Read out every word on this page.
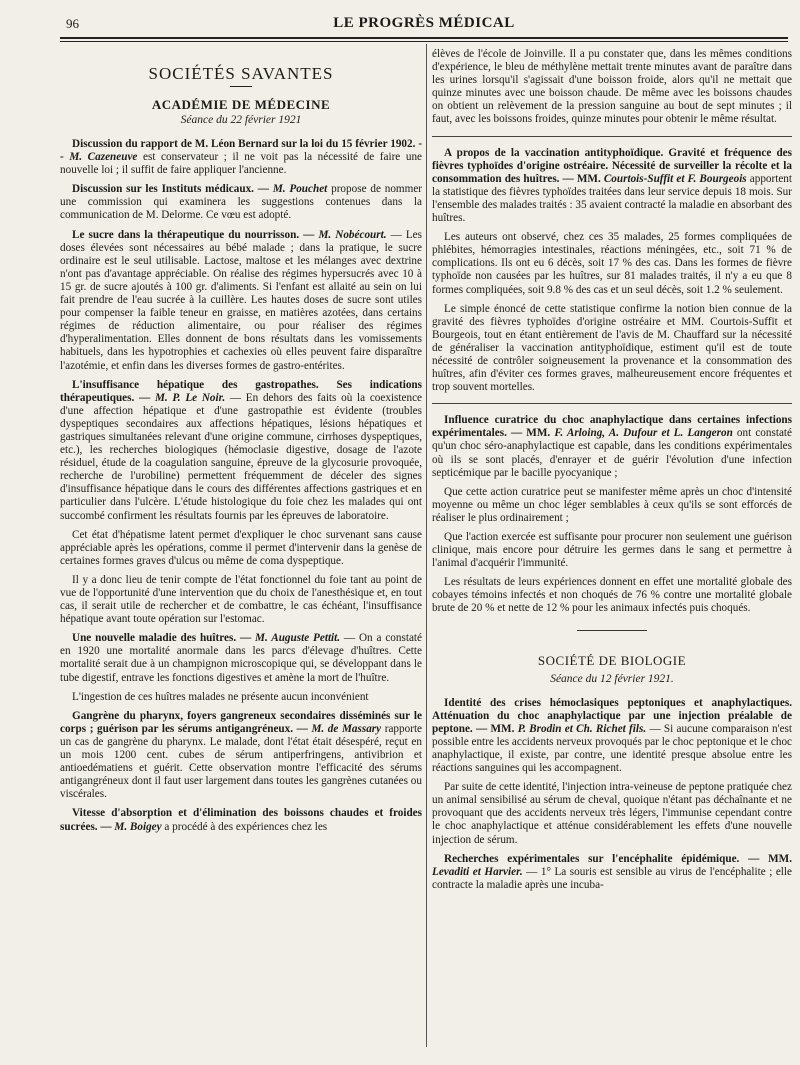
96	LE PROGRÈS MÉDICAL
SOCIÉTÉS SAVANTES
ACADÉMIE DE MÉDECINE
Séance du 22 février 1921

Discussion du rapport de M. Léon Bernard sur la loi du 15 février 1902. -- M. Cazeneuve est conservateur ; il ne voit pas la nécessité de faire une nouvelle loi ; il suffit de faire appliquer l'ancienne.

Discussion sur les Instituts médicaux. — M. Pouchet propose de nommer une commission qui examinera les suggestions contenues dans la communication de M. Delorme. Ce vœu est adopté.

Le sucre dans la thérapeutique du nourrisson. — M. Nobécourt. — Les doses élevées sont nécessaires au bébé malade ; dans la pratique, le sucre ordinaire est le seul utilisable. Lactose, maltose et les mélanges avec dextrine n'ont pas d'avantage appréciable. On réalise des régimes hypersucrés avec 10 à 15 gr. de sucre ajoutés à 100 gr. d'aliments. Si l'enfant est allaité au sein on lui fait prendre de l'eau sucrée à la cuillère. Les hautes doses de sucre sont utiles pour compenser la faible teneur en graisse, en matières azotées, dans certains régimes de réduction alimentaire, ou pour réaliser des régimes d'hyperalimentation. Elles donnent de bons résultats dans les vomissements habituels, dans les hypotrophies et cachexies où elles peuvent faire disparaître l'azotémie, et enfin dans les diverses formes de gastro-entérites.

L'insuffisance hépatique des gastropathes. Ses indications thérapeutiques. — M. P. Le Noir. — En dehors des faits où la coexistence d'une affection hépatique et d'une gastropathie est évidente (troubles dyspeptiques secondaires aux affections hépatiques, lésions hépatiques et gastriques simultanées relevant d'une origine commune, cirrhoses dyspeptiques, etc.), les recherches biologiques (hémoclasie digestive, dosage de l'azote résiduel, étude de la coagulation sanguine, épreuve de la glycosurie provoquée, recherche de l'urobiline) permettent fréquemment de déceler des signes d'insuffisance hépatique dans le cours des différentes affections gastriques et en particulier dans l'ulcère. L'étude histologique du foie chez les malades qui ont succombé confirment les résultats fournis par les épreuves de laboratoire.

Cet état d'hépatisme latent permet d'expliquer le choc survenant sans cause appréciable après les opérations, comme il permet d'intervenir dans la genèse de certaines formes graves d'ulcus ou même de coma dyspeptique.

Il y a donc lieu de tenir compte de l'état fonctionnel du foie tant au point de vue de l'opportunité d'une intervention que du choix de l'anesthésique et, en tout cas, il serait utile de rechercher et de combattre, le cas échéant, l'insuffisance hépatique avant toute opération sur l'estomac.

Une nouvelle maladie des huîtres. — M. Auguste Pettit. — On a constaté en 1920 une mortalité anormale dans les parcs d'élevage d'huîtres. Cette mortalité serait due à un champignon microscopique qui, se développant dans le tube digestif, entrave les fonctions digestives et amène la mort de l'huître.

L'ingestion de ces huîtres malades ne présente aucun inconvénient

Gangrène du pharynx, foyers gangreneux secondaires disséminés sur le corps ; guérison par les sérums antigangréneux. — M. de Massary rapporte un cas de gangrène du pharynx. Le malade, dont l'état était désespéré, reçut en un mois 1200 cent. cubes de sérum antiperfringens, antivibrion et antioedématiens et guérit. Cette observation montre l'efficacité des sérums antigangréneux dont il faut user largement dans toutes les gangrènes cutanées ou viscérales.

Vitesse d'absorption et d'élimination des boissons chaudes et froides sucrées. — M. Boigey a procédé à des expériences chez les

élèves de l'école de Joinville. Il a pu constater que, dans les mêmes conditions d'expérience, le bleu de méthylène mettait trente minutes avant de paraître dans les urines lorsqu'il s'agissait d'une boisson froide, alors qu'il ne mettait que quinze minutes avec une boisson chaude. De même avec les boissons chaudes on obtient un relèvement de la pression sanguine au bout de sept minutes ; il faut, avec les boissons froides, quinze minutes pour obtenir le même résultat.

A propos de la vaccination antityphoïdique. Gravité et fréquence des fièvres typhoïdes d'origine ostréaire. Nécessité de surveiller la récolte et la consommation des huîtres. — MM. Courtois-Suffit et F. Bourgeois apportent la statistique des fièvres typhoïdes traitées dans leur service depuis 18 mois. Sur l'ensemble des malades traités : 35 avaient contracté la maladie en absorbant des huîtres.

Les auteurs ont observé, chez ces 35 malades, 25 formes compliquées de phlébites, hémorragies intestinales, réactions méningées, etc., soit 71 % de complications. Ils ont eu 6 décès, soit 17 % des cas. Dans les formes de fièvre typhoïde non causées par les huîtres, sur 81 malades traités, il n'y a eu que 8 formes compliquées, soit 9.8 % des cas et un seul décès, soit 1.2 % seulement.

Le simple énoncé de cette statistique confirme la notion bien connue de la gravité des fièvres typhoïdes d'origine ostréaire et MM. Courtois-Suffit et Bourgeois, tout en étant entièrement de l'avis de M. Chauffard sur la nécessité de généraliser la vaccination antityphoïdique, estiment qu'il est de toute nécessité de contrôler soigneusement la provenance et la consommation des huîtres, afin d'éviter ces formes graves, malheureusement encore fréquentes et trop souvent mortelles.

Influence curatrice du choc anaphylactique dans certaines infections expérimentales. — MM. F. Arloing, A. Dufour et L. Langeron ont constaté qu'un choc séro-anaphylactique est capable, dans les conditions expérimentales où ils se sont placés, d'enrayer et de guérir l'évolution d'une infection septicémique par le bacille pyocyanique ;

Que cette action curatrice peut se manifester même après un choc d'intensité moyenne ou même un choc léger semblables à ceux qu'ils se sont efforcés de réaliser le plus ordinairement ;

Que l'action exercée est suffisante pour procurer non seulement une guérison clinique, mais encore pour détruire les germes dans le sang et permettre à l'animal d'acquérir l'immunité.

Les résultats de leurs expériences donnent en effet une mortalité globale des cobayes témoins infectés et non choqués de 76 % contre une mortalité globale brute de 20 % et nette de 12 % pour les animaux infectés puis choqués.

SOCIÉTÉ DE BIOLOGIE
Séance du 12 février 1921.

Identité des crises hémoclasiques peptoniques et anaphylactiques. Atténuation du choc anaphylactique par une injection préalable de peptone. — MM. P. Brodin et Ch. Richet fils. — Si aucune comparaison n'est possible entre les accidents nerveux provoqués par le choc peptonique et le choc anaphylactique, il existe, par contre, une identité presque absolue entre les réactions sanguines qui les accompagnent.

Par suite de cette identité, l'injection intra-veineuse de peptone pratiquée chez un animal sensibilisé au sérum de cheval, quoique n'étant pas déchaînante et ne provoquant que des accidents nerveux très légers, l'immunise cependant contre le choc anaphylactique et atténue considérablement les effets d'une nouvelle injection de sérum.

Recherches expérimentales sur l'encéphalite épidémique. — MM. Levaditi et Harvier. — 1° La souris est sensible au virus de l'encéphalite ; elle contracte la maladie après une incuba-
